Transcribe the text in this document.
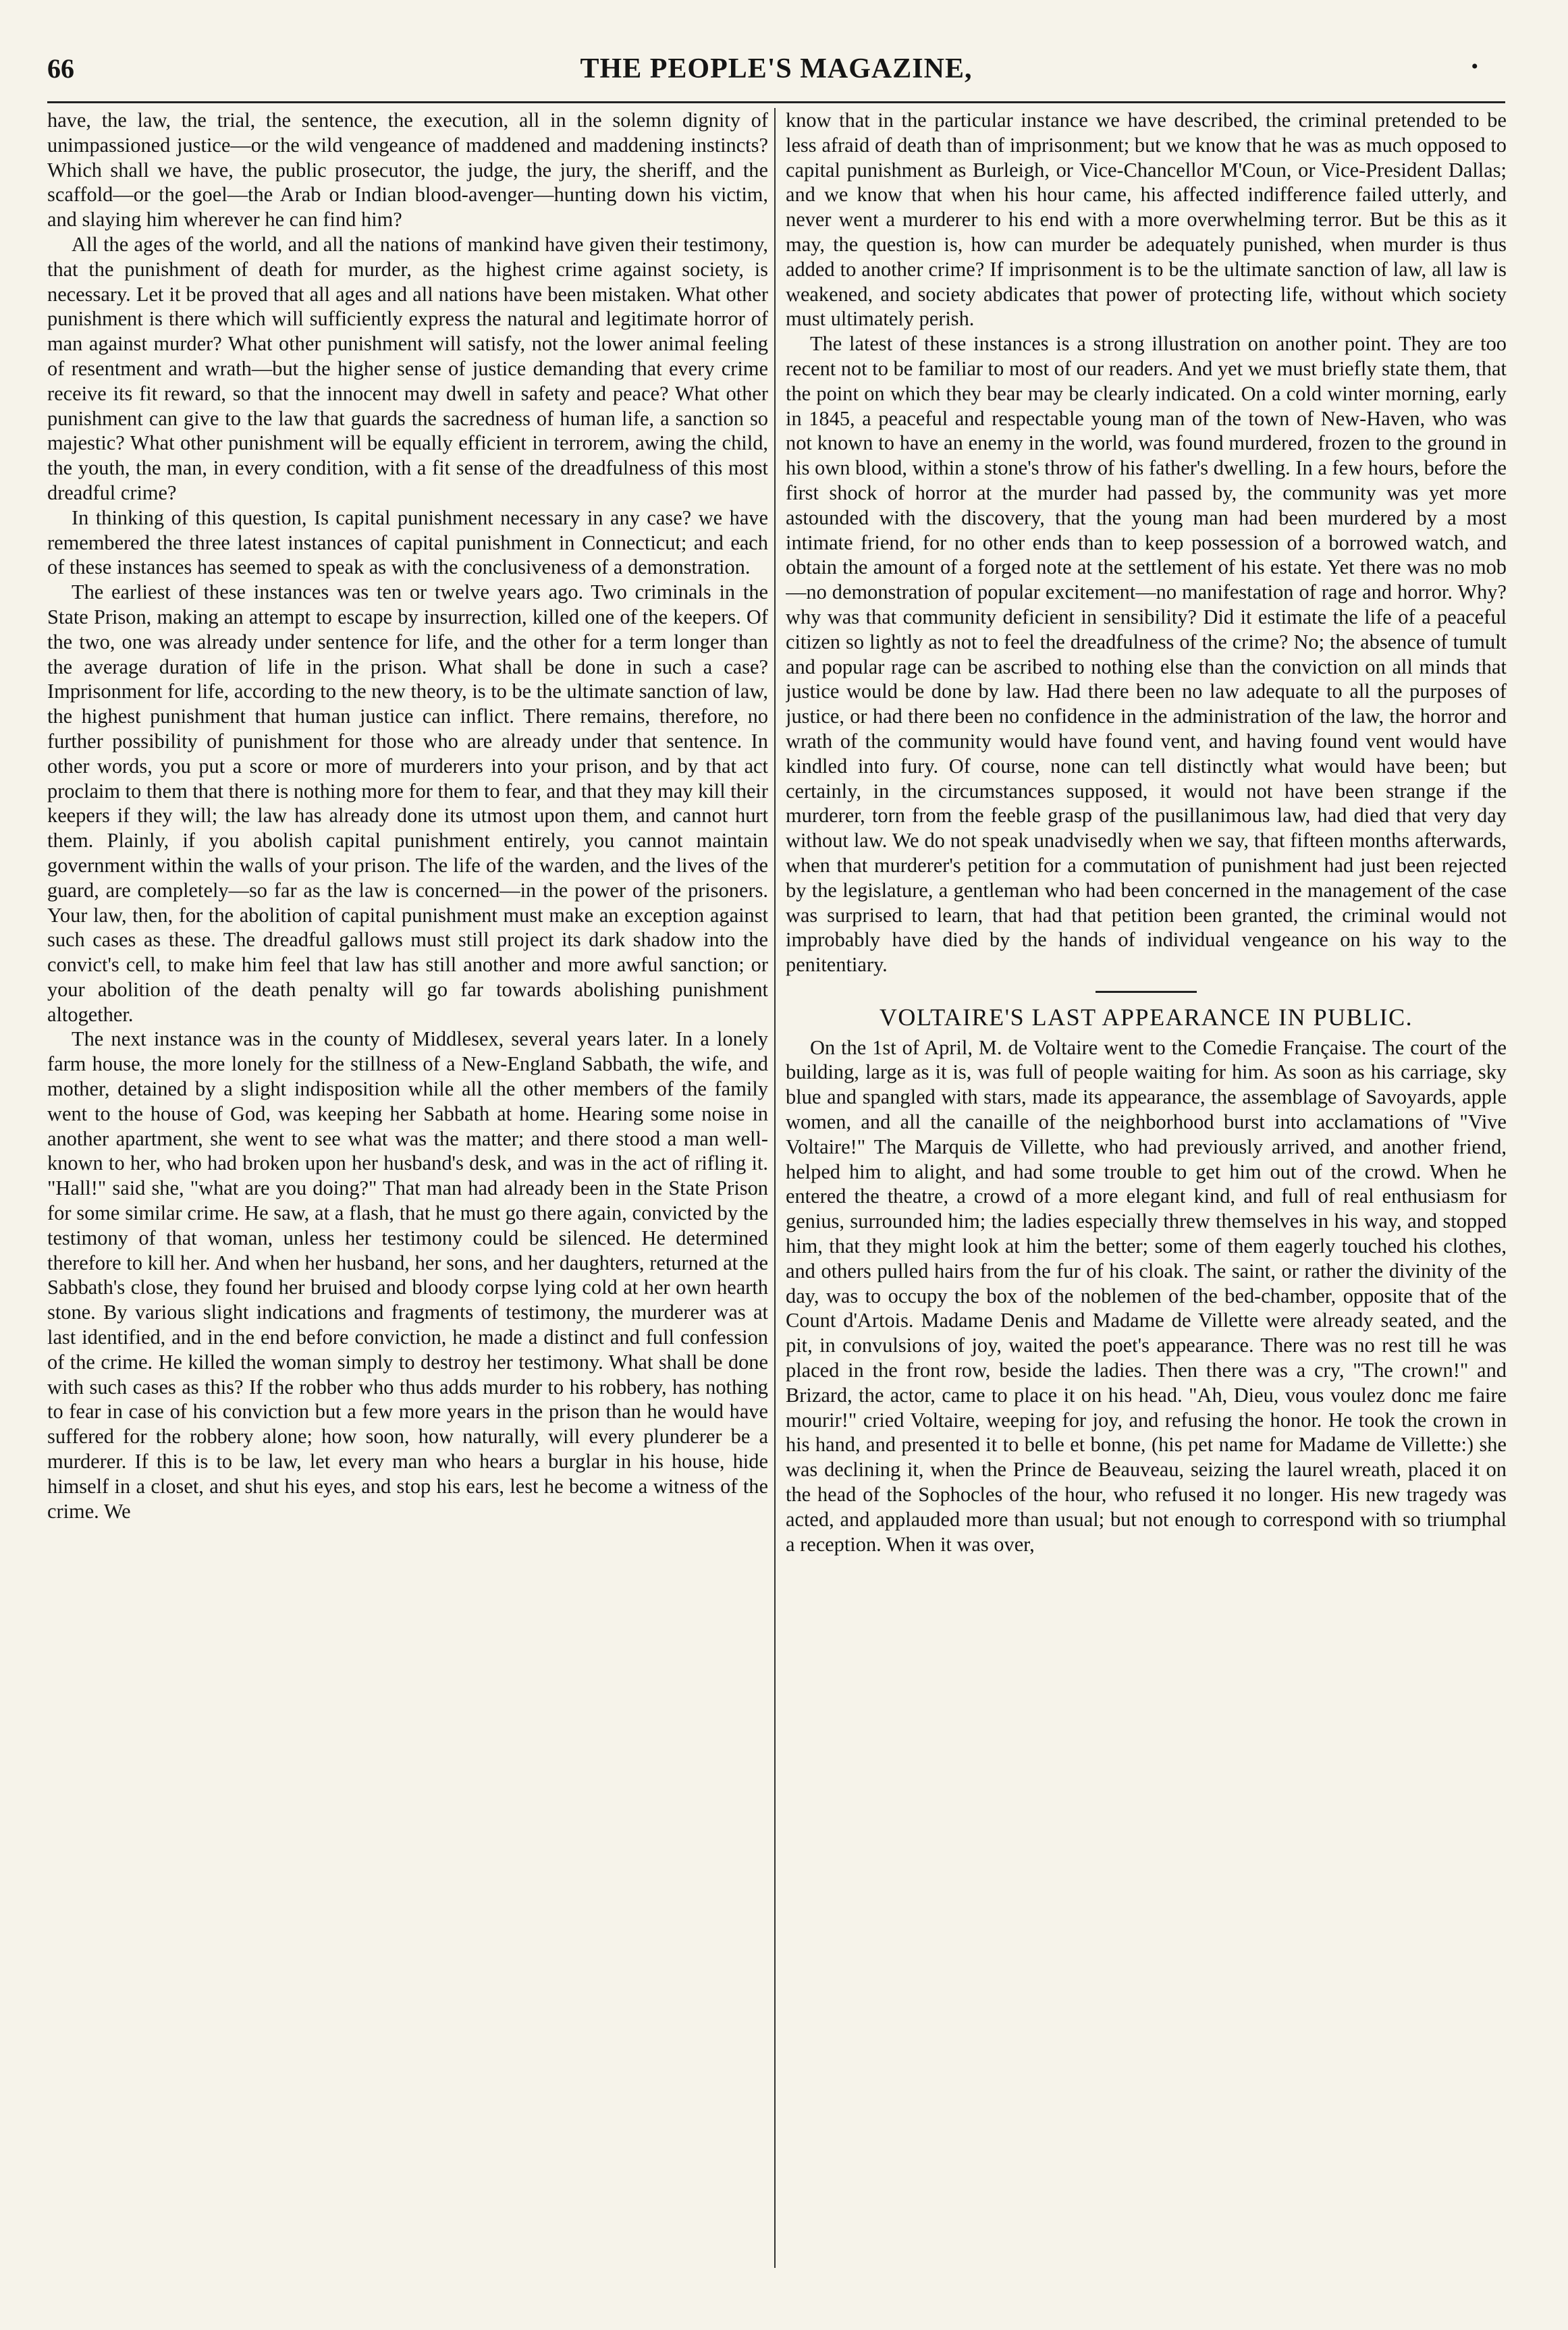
66	THE PEOPLE'S MAGAZINE,	•

have, the law, the trial, the sentence, the execution, all in the solemn dignity of unimpassioned justice—or the wild vengeance of maddened and maddening instincts? Which shall we have, the public prosecutor, the judge, the jury, the sheriff, and the scaffold—or the goel—the Arab or Indian blood-avenger—hunting down his victim, and slaying him wherever he can find him?

All the ages of the world, and all the nations of mankind have given their testimony, that the punishment of death for murder, as the highest crime against society, is necessary. Let it be proved that all ages and all nations have been mistaken. What other punishment is there which will sufficiently express the natural and legitimate horror of man against murder? What other punishment will satisfy, not the lower animal feeling of resentment and wrath—but the higher sense of justice demanding that every crime receive its fit reward, so that the innocent may dwell in safety and peace? What other punishment can give to the law that guards the sacredness of human life, a sanction so majestic? What other punishment will be equally efficient in terrorem, awing the child, the youth, the man, in every condition, with a fit sense of the dreadfulness of this most dreadful crime?

In thinking of this question, Is capital punishment necessary in any case? we have remembered the three latest instances of capital punishment in Connecticut; and each of these instances has seemed to speak as with the conclusiveness of a demonstration.

The earliest of these instances was ten or twelve years ago. Two criminals in the State Prison, making an attempt to escape by insurrection, killed one of the keepers. Of the two, one was already under sentence for life, and the other for a term longer than the average duration of life in the prison. What shall be done in such a case? Imprisonment for life, according to the new theory, is to be the ultimate sanction of law, the highest punishment that human justice can inflict. There remains, therefore, no further possibility of punishment for those who are already under that sentence. In other words, you put a score or more of murderers into your prison, and by that act proclaim to them that there is nothing more for them to fear, and that they may kill their keepers if they will; the law has already done its utmost upon them, and cannot hurt them. Plainly, if you abolish capital punishment entirely, you cannot maintain government within the walls of your prison. The life of the warden, and the lives of the guard, are completely—so far as the law is concerned—in the power of the prisoners. Your law, then, for the abolition of capital punishment must make an exception against such cases as these. The dreadful gallows must still project its dark shadow into the convict's cell, to make him feel that law has still another and more awful sanction; or your abolition of the death penalty will go far towards abolishing punishment altogether.

The next instance was in the county of Middlesex, several years later. In a lonely farm house, the more lonely for the stillness of a New-England Sabbath, the wife, and mother, detained by a slight indisposition while all the other members of the family went to the house of God, was keeping her Sabbath at home. Hearing some noise in another apartment, she went to see what was the matter; and there stood a man well-known to her, who had broken upon her husband's desk, and was in the act of rifling it. "Hall!" said she, "what are you doing?" That man had already been in the State Prison for some similar crime. He saw, at a flash, that he must go there again, convicted by the testimony of that woman, unless her testimony could be silenced. He determined therefore to kill her. And when her husband, her sons, and her daughters, returned at the Sabbath's close, they found her bruised and bloody corpse lying cold at her own hearth stone. By various slight indications and fragments of testimony, the murderer was at last identified, and in the end before conviction, he made a distinct and full confession of the crime. He killed the woman simply to destroy her testimony. What shall be done with such cases as this? If the robber who thus adds murder to his robbery, has nothing to fear in case of his conviction but a few more years in the prison than he would have suffered for the robbery alone; how soon, how naturally, will every plunderer be a murderer. If this is to be law, let every man who hears a burglar in his house, hide himself in a closet, and shut his eyes, and stop his ears, lest he become a witness of the crime. We

know that in the particular instance we have described, the criminal pretended to be less afraid of death than of imprisonment; but we know that he was as much opposed to capital punishment as Burleigh, or Vice-Chancellor M'Coun, or Vice-President Dallas; and we know that when his hour came, his affected indifference failed utterly, and never went a murderer to his end with a more overwhelming terror. But be this as it may, the question is, how can murder be adequately punished, when murder is thus added to another crime? If imprisonment is to be the ultimate sanction of law, all law is weakened, and society abdicates that power of protecting life, without which society must ultimately perish.

The latest of these instances is a strong illustration on another point. They are too recent not to be familiar to most of our readers. And yet we must briefly state them, that the point on which they bear may be clearly indicated. On a cold winter morning, early in 1845, a peaceful and respectable young man of the town of New-Haven, who was not known to have an enemy in the world, was found murdered, frozen to the ground in his own blood, within a stone's throw of his father's dwelling. In a few hours, before the first shock of horror at the murder had passed by, the community was yet more astounded with the discovery, that the young man had been murdered by a most intimate friend, for no other ends than to keep possession of a borrowed watch, and obtain the amount of a forged note at the settlement of his estate. Yet there was no mob—no demonstration of popular excitement—no manifestation of rage and horror. Why? why was that community deficient in sensibility? Did it estimate the life of a peaceful citizen so lightly as not to feel the dreadfulness of the crime? No; the absence of tumult and popular rage can be ascribed to nothing else than the conviction on all minds that justice would be done by law. Had there been no law adequate to all the purposes of justice, or had there been no confidence in the administration of the law, the horror and wrath of the community would have found vent, and having found vent would have kindled into fury. Of course, none can tell distinctly what would have been; but certainly, in the circumstances supposed, it would not have been strange if the murderer, torn from the feeble grasp of the pusillanimous law, had died that very day without law. We do not speak unadvisedly when we say, that fifteen months afterwards, when that murderer's petition for a commutation of punishment had just been rejected by the legislature, a gentleman who had been concerned in the management of the case was surprised to learn, that had that petition been granted, the criminal would not improbably have died by the hands of individual vengeance on his way to the penitentiary.

VOLTAIRE'S LAST APPEARANCE IN PUBLIC.

On the 1st of April, M. de Voltaire went to the Comedie Française. The court of the building, large as it is, was full of people waiting for him. As soon as his carriage, sky blue and spangled with stars, made its appearance, the assemblage of Savoyards, apple women, and all the canaille of the neighborhood burst into acclamations of "Vive Voltaire!" The Marquis de Villette, who had previously arrived, and another friend, helped him to alight, and had some trouble to get him out of the crowd. When he entered the theatre, a crowd of a more elegant kind, and full of real enthusiasm for genius, surrounded him; the ladies especially threw themselves in his way, and stopped him, that they might look at him the better; some of them eagerly touched his clothes, and others pulled hairs from the fur of his cloak. The saint, or rather the divinity of the day, was to occupy the box of the noblemen of the bed-chamber, opposite that of the Count d'Artois. Madame Denis and Madame de Villette were already seated, and the pit, in convulsions of joy, waited the poet's appearance. There was no rest till he was placed in the front row, beside the ladies. Then there was a cry, "The crown!" and Brizard, the actor, came to place it on his head. "Ah, Dieu, vous voulez donc me faire mourir!" cried Voltaire, weeping for joy, and refusing the honor. He took the crown in his hand, and presented it to belle et bonne, (his pet name for Madame de Villette:) she was declining it, when the Prince de Beauveau, seizing the laurel wreath, placed it on the head of the Sophocles of the hour, who refused it no longer. His new tragedy was acted, and applauded more than usual; but not enough to correspond with so triumphal a reception. When it was over,
